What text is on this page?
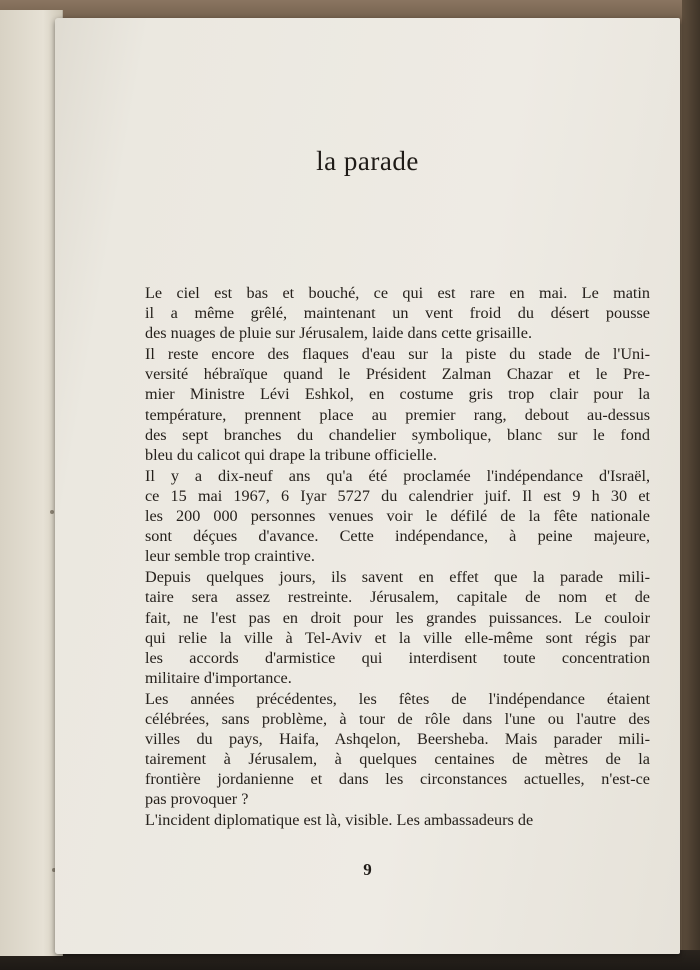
la parade

Le ciel est bas et bouché, ce qui est rare en mai. Le matin
il a même grêlé, maintenant un vent froid du désert pousse
des nuages de pluie sur Jérusalem, laide dans cette grisaille.

Il reste encore des flaques d'eau sur la piste du stade de l'Uni-
versité hébraïque quand le Président Zalman Chazar et le Pre-
mier Ministre Lévi Eshkol, en costume gris trop clair pour la
température, prennent place au premier rang, debout au-dessus
des sept branches du chandelier symbolique, blanc sur le fond
bleu du calicot qui drape la tribune officielle.

Il y a dix-neuf ans qu'a été proclamée l'indépendance d'Israël,
ce 15 mai 1967, 6 Iyar 5727 du calendrier juif. Il est 9 h 30 et
les 200 000 personnes venues voir le défilé de la fête nationale
sont déçues d'avance. Cette indépendance, à peine majeure,
leur semble trop craintive.

Depuis quelques jours, ils savent en effet que la parade mili-
taire sera assez restreinte. Jérusalem, capitale de nom et de
fait, ne l'est pas en droit pour les grandes puissances. Le couloir
qui relie la ville à Tel-Aviv et la ville elle-même sont régis par
les accords d'armistice qui interdisent toute concentration
militaire d'importance.

Les années précédentes, les fêtes de l'indépendance étaient
célébrées, sans problème, à tour de rôle dans l'une ou l'autre des
villes du pays, Haifa, Ashqelon, Beersheba. Mais parader mili-
tairement à Jérusalem, à quelques centaines de mètres de la
frontière jordanienne et dans les circonstances actuelles, n'est-ce
pas provoquer ?

L'incident diplomatique est là, visible. Les ambassadeurs de

9
